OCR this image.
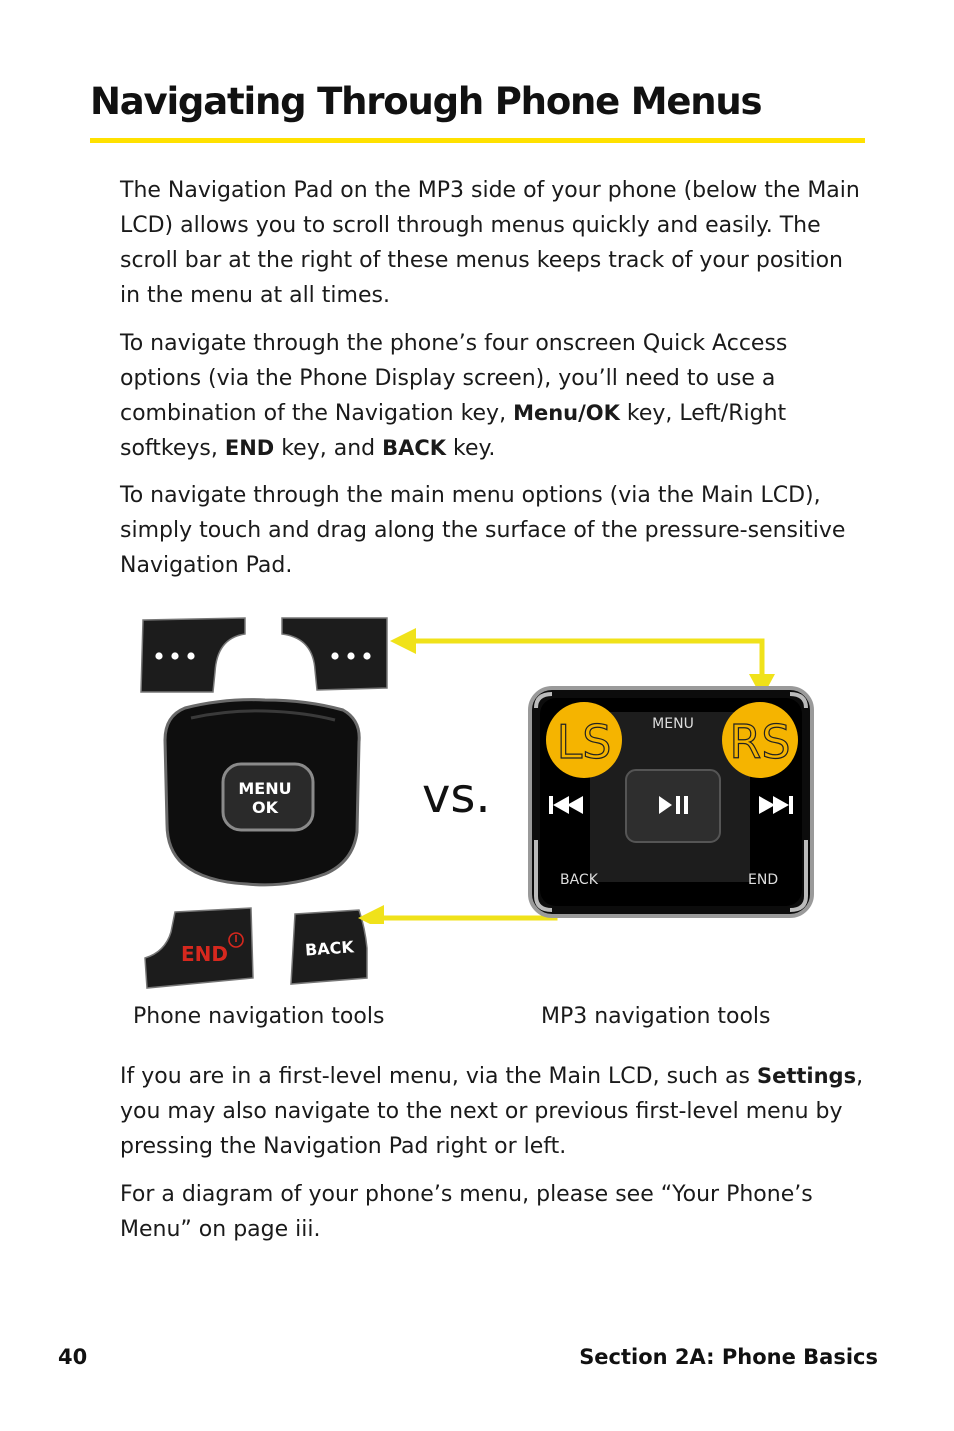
Navigating Through Phone Menus

The Navigation Pad on the MP3 side of your phone (below the Main LCD) allows you to scroll through menus quickly and easily. The scroll bar at the right of these menus keeps track of your position in the menu at all times.

To navigate through the phone’s four onscreen Quick Access options (via the Phone Display screen), you’ll need to use a combination of the Navigation key, Menu/OK key, Left/Right softkeys, END key, and BACK key.

To navigate through the main menu options (via the Main LCD), simply touch and drag along the surface of the pressure-sensitive Navigation Pad.

MENU
OK
END	BACK
vs.
MENU
LS	RS
BACK	END
Phone navigation tools	MP3 navigation tools

If you are in a first-level menu, via the Main LCD, such as Settings, you may also navigate to the next or previous first-level menu by pressing the Navigation Pad right or left.

For a diagram of your phone’s menu, please see “Your Phone’s Menu” on page iii.

40	Section 2A: Phone Basics
